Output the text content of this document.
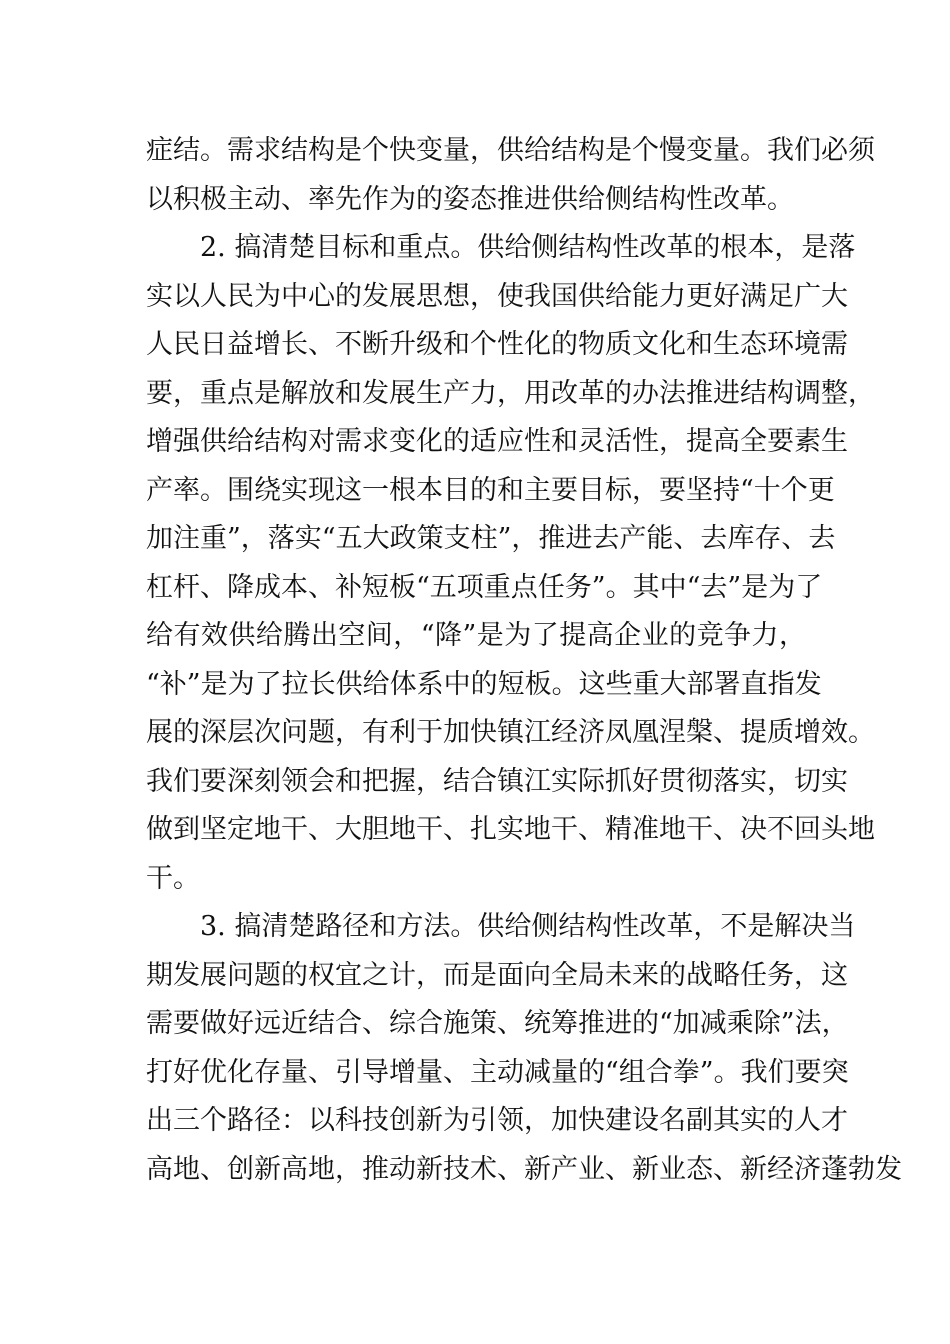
症结。需求结构是个快变量，供给结构是个慢变量。我们必须
以积极主动、率先作为的姿态推进供给侧结构性改革。
2. 搞清楚目标和重点。供给侧结构性改革的根本，是落
实以人民为中心的发展思想，使我国供给能力更好满足广大
人民日益增长、不断升级和个性化的物质文化和生态环境需
要，重点是解放和发展生产力，用改革的办法推进结构调整，
增强供给结构对需求变化的适应性和灵活性，提高全要素生
产率。围绕实现这一根本目的和主要目标，要坚持“十个更
加注重”，落实“五大政策支柱”，推进去产能、去库存、去
杠杆、降成本、补短板“五项重点任务”。其中“去”是为了
给有效供给腾出空间，“降”是为了提高企业的竞争力，
“补”是为了拉长供给体系中的短板。这些重大部署直指发
展的深层次问题，有利于加快镇江经济凤凰涅槃、提质增效。
我们要深刻领会和把握，结合镇江实际抓好贯彻落实，切实
做到坚定地干、大胆地干、扎实地干、精准地干、决不回头地
干。
3. 搞清楚路径和方法。供给侧结构性改革，不是解决当
期发展问题的权宜之计，而是面向全局未来的战略任务，这
需要做好远近结合、综合施策、统筹推进的“加减乘除”法，
打好优化存量、引导增量、主动减量的“组合拳”。我们要突
出三个路径：以科技创新为引领，加快建设名副其实的人才
高地、创新高地，推动新技术、新产业、新业态、新经济蓬勃发
